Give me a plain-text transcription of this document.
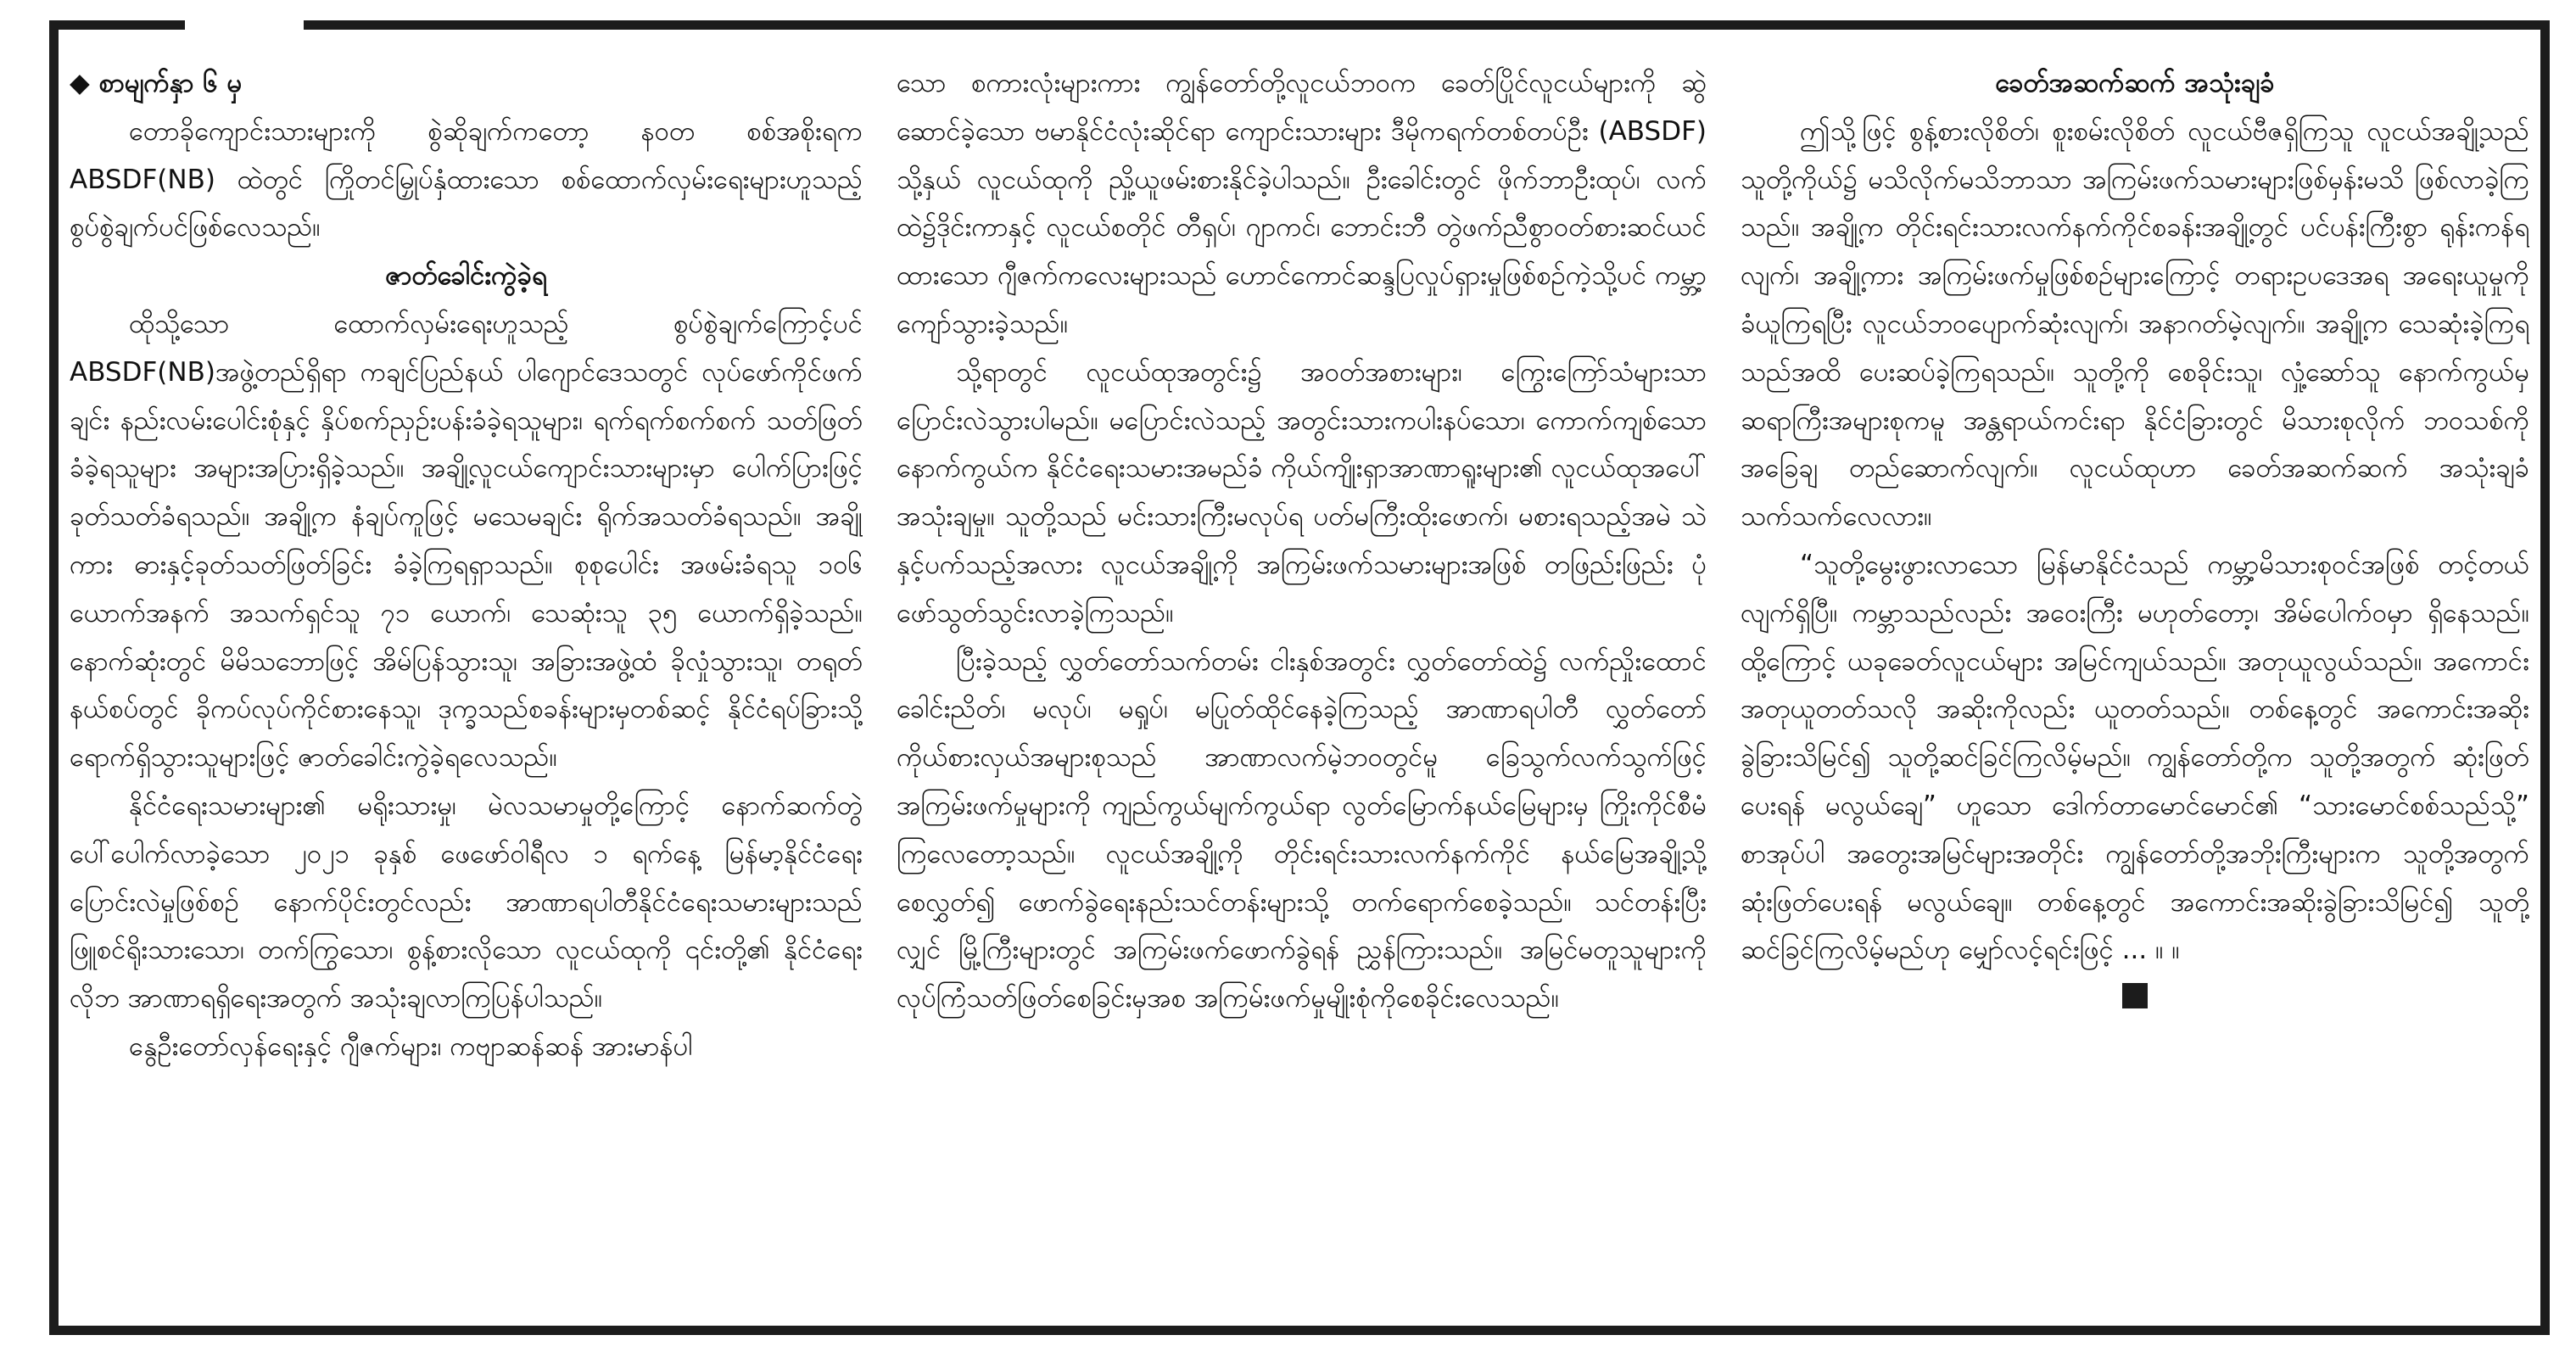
◆ စာမျက်နှာ ၆ မှ

တောခိုကျောင်းသားများကို စွဲဆိုချက်ကတော့ နဝတ စစ်အစိုးရက ABSDF(NB) ထဲတွင် ကြိုတင်မြှုပ်နှံထားသော စစ်ထောက်လှမ်းရေးများဟူသည့် စွပ်စွဲချက်ပင်ဖြစ်လေသည်။

ဇာတ်ခေါင်းကွဲခဲ့ရ

ထိုသို့သော ထောက်လှမ်းရေးဟူသည့် စွပ်စွဲချက်ကြောင့်ပင် ABSDF(NB)အဖွဲ့တည်ရှိရာ ကချင်ပြည်နယ် ပါဂျောင်ဒေသတွင် လုပ်ဖော်ကိုင်ဖက်ချင်း နည်းလမ်းပေါင်းစုံနှင့် နှိပ်စက်ညှဉ်းပန်းခံခဲ့ရသူများ၊ ရက်ရက်စက်စက် သတ်ဖြတ်ခံခဲ့ရသူများ အများအပြားရှိခဲ့သည်။ အချို့လူငယ်ကျောင်းသားများမှာ ပေါက်ပြားဖြင့် ခုတ်သတ်ခံရသည်။ အချို့က နံချပ်ကူဖြင့် မသေမချင်း ရိုက်အသတ်ခံရသည်။ အချို့ကား ဓားနှင့်ခုတ်သတ်ဖြတ်ခြင်း ခံခဲ့ကြရရှာသည်။ စုစုပေါင်း အဖမ်းခံရသူ ၁၀၆ ယောက်အနက် အသက်ရှင်သူ ၇၁ ယောက်၊ သေဆုံးသူ ၃၅ ယောက်ရှိခဲ့သည်။ နောက်ဆုံးတွင် မိမိသဘောဖြင့် အိမ်ပြန်သွားသူ၊ အခြားအဖွဲ့ထံ ခိုလှုံသွားသူ၊ တရုတ်နယ်စပ်တွင် ခိုကပ်လုပ်ကိုင်စားနေသူ၊ ဒုက္ခသည်စခန်းများမှတစ်ဆင့် နိုင်ငံရပ်ခြားသို့ရောက်ရှိသွားသူများဖြင့် ဇာတ်ခေါင်းကွဲခဲ့ရလေသည်။

နိုင်ငံရေးသမားများ၏ မရိုးသားမှု၊ မဲလသမာမှုတို့ကြောင့် နောက်ဆက်တွဲ ပေါ်ပေါက်လာခဲ့သော ၂၀၂၁ ခုနှစ် ဖေဖော်ဝါရီလ ၁ ရက်နေ့ မြန်မာ့နိုင်ငံရေး ပြောင်းလဲမှုဖြစ်စဉ် နောက်ပိုင်းတွင်လည်း အာဏာရပါတီနိုင်ငံရေးသမားများသည် ဖြူစင်ရိုးသားသော၊ တက်ကြွသော၊ စွန့်စားလိုသော လူငယ်ထုကို ၎င်းတို့၏ နိုင်ငံရေးလိုဘ အာဏာရရှိရေးအတွက် အသုံးချလာကြပြန်ပါသည်။

နွေဦးတော်လှန်ရေးနှင့် ဂျီဇက်များ၊ ကဗျာဆန်ဆန် အားမာန်ပါ

သော စကားလုံးများကား ကျွန်တော်တို့လူငယ်ဘဝက ခေတ်ပြိုင်လူငယ်များကို ဆွဲဆောင်ခဲ့သော ဗမာနိုင်ငံလုံးဆိုင်ရာ ကျောင်းသားများ ဒီမိုကရက်တစ်တပ်ဦး (ABSDF) သို့နှယ် လူငယ်ထုကို ညှို့ယူဖမ်းစားနိုင်ခဲ့ပါသည်။ ဦးခေါင်းတွင် ဖိုက်ဘာဦးထုပ်၊ လက်ထဲ၌ဒိုင်းကာနှင့် လူငယ်စတိုင် တီရှပ်၊ ဂျာကင်၊ ဘောင်းဘီ တွဲဖက်ညီစွာဝတ်စားဆင်ယင်ထားသော ဂျီဇက်ကလေးများသည် ဟောင်ကောင်ဆန္ဒပြလှုပ်ရှားမှုဖြစ်စဉ်ကဲ့သို့ပင် ကမ္ဘာ့ကျော်သွားခဲ့သည်။

သို့ရာတွင် လူငယ်ထုအတွင်း၌ အဝတ်အစားများ၊ ကြွေးကြော်သံများသာ ပြောင်းလဲသွားပါမည်။ မပြောင်းလဲသည့် အတွင်းသားကပါးနပ်သော၊ ကောက်ကျစ်သော နောက်ကွယ်က နိုင်ငံရေးသမားအမည်ခံ ကိုယ်ကျိုးရှာအာဏာရူးများ၏ လူငယ်ထုအပေါ် အသုံးချမှု။ သူတို့သည် မင်းသားကြီးမလုပ်ရ ပတ်မကြီးထိုးဖောက်၊ မစားရသည့်အမဲ သဲနှင့်ပက်သည့်အလား လူငယ်အချို့ကို အကြမ်းဖက်သမားများအဖြစ် တဖြည်းဖြည်း ပုံဖော်သွတ်သွင်းလာခဲ့ကြသည်။

ပြီးခဲ့သည့် လွှတ်တော်သက်တမ်း ငါးနှစ်အတွင်း လွှတ်တော်ထဲ၌ လက်ညှိုးထောင် ခေါင်းညိတ်၊ မလုပ်၊ မရှုပ်၊ မပြုတ်ထိုင်နေခဲ့ကြသည့် အာဏာရပါတီ လွှတ်တော်ကိုယ်စားလှယ်အများစုသည် အာဏာလက်မဲ့ဘဝတွင်မူ ခြေသွက်လက်သွက်ဖြင့် အကြမ်းဖက်မှုများကို ကျည်ကွယ်မျက်ကွယ်ရာ လွတ်မြောက်နယ်မြေများမှ ကြိုးကိုင်စီမံကြလေတော့သည်။ လူငယ်အချို့ကို တိုင်းရင်းသားလက်နက်ကိုင် နယ်မြေအချို့သို့စေလွှတ်၍ ဖောက်ခွဲရေးနည်းသင်တန်းများသို့ တက်ရောက်စေခဲ့သည်။ သင်တန်းပြီးလျှင် မြို့ကြီးများတွင် အကြမ်းဖက်ဖောက်ခွဲရန် ညွှန်ကြားသည်။ အမြင်မတူသူများကို လုပ်ကြံသတ်ဖြတ်စေခြင်းမှအစ အကြမ်းဖက်မှုမျိုးစုံကိုစေခိုင်းလေသည်။

ခေတ်အဆက်ဆက် အသုံးချခံ

ဤသို့ဖြင့် စွန့်စားလိုစိတ်၊ စူးစမ်းလိုစိတ် လူငယ်ဗီဇရှိကြသူ လူငယ်အချို့သည် သူတို့ကိုယ်၌ မသိလိုက်မသိဘာသာ အကြမ်းဖက်သမားများဖြစ်မှန်းမသိ ဖြစ်လာခဲ့ကြသည်။ အချို့က တိုင်းရင်းသားလက်နက်ကိုင်စခန်းအချို့တွင် ပင်ပန်းကြီးစွာ ရုန်းကန်ရလျက်၊ အချို့ကား အကြမ်းဖက်မှုဖြစ်စဉ်များကြောင့် တရားဥပဒေအရ အရေးယူမှုကို ခံယူကြရပြီး လူငယ်ဘဝပျောက်ဆုံးလျက်၊ အနာဂတ်မဲ့လျက်။ အချို့က သေဆုံးခဲ့ကြရသည်အထိ ပေးဆပ်ခဲ့ကြရသည်။ သူတို့ကို စေခိုင်းသူ၊ လှုံ့ဆော်သူ နောက်ကွယ်မှဆရာကြီးအများစုကမူ အန္တရာယ်ကင်းရာ နိုင်ငံခြားတွင် မိသားစုလိုက် ဘဝသစ်ကို အခြေချ တည်ဆောက်လျက်။ လူငယ်ထုဟာ ခေတ်အဆက်ဆက် အသုံးချခံ သက်သက်လေလား။

“သူတို့မွေးဖွားလာသော မြန်မာနိုင်ငံသည် ကမ္ဘာ့မိသားစုဝင်အဖြစ် တင့်တယ်လျက်ရှိပြီ။ ကမ္ဘာသည်လည်း အဝေးကြီး မဟုတ်တော့၊ အိမ်ပေါက်ဝမှာ ရှိနေသည်။ ထို့ကြောင့် ယခုခေတ်လူငယ်များ အမြင်ကျယ်သည်။ အတုယူလွယ်သည်။ အကောင်းအတုယူတတ်သလို အဆိုးကိုလည်း ယူတတ်သည်။ တစ်နေ့တွင် အကောင်းအဆိုး ခွဲခြားသိမြင်၍ သူတို့ဆင်ခြင်ကြလိမ့်မည်။ ကျွန်တော်တို့က သူတို့အတွက် ဆုံးဖြတ်ပေးရန် မလွယ်ချေ” ဟူသော ဒေါက်တာမောင်မောင်၏ “သားမောင်စစ်သည်သို့” စာအုပ်ပါ အတွေးအမြင်များအတိုင်း ကျွန်တော်တို့အဘိုးကြီးများက သူတို့အတွက် ဆုံးဖြတ်ပေးရန် မလွယ်ချေ။ တစ်နေ့တွင် အကောင်းအဆိုးခွဲခြားသိမြင်၍ သူတို့ဆင်ခြင်ကြလိမ့်မည်ဟု မျှော်လင့်ရင်းဖြင့် ... ။ ။
